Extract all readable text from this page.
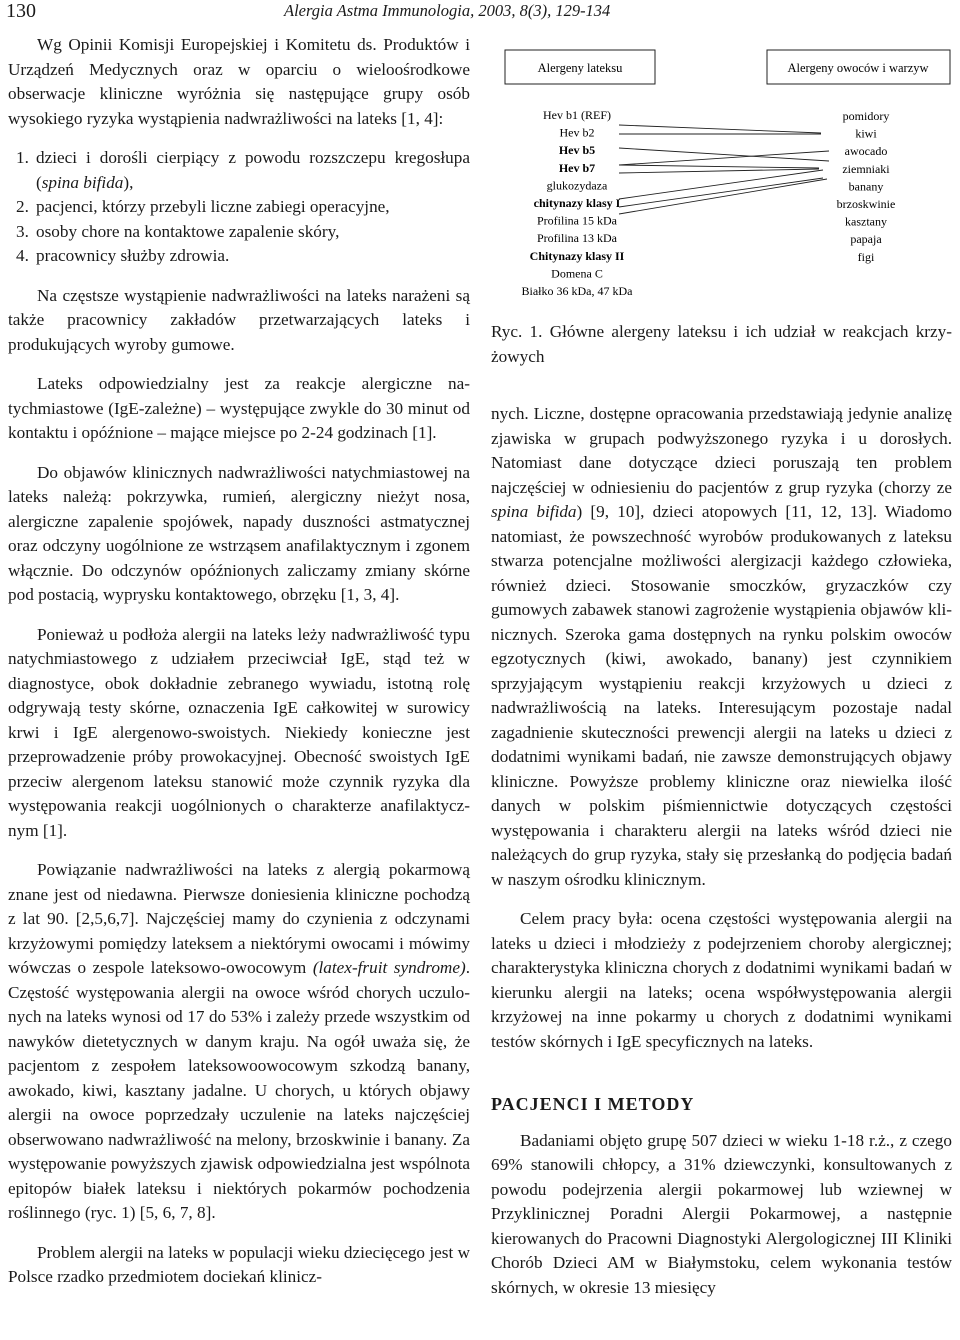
130	Alergia Astma Immunologia, 2003, 8(3), 129-134

Wg Opinii Komisji Europejskiej i Komitetu ds. Produktów i Urządzeń Medycznych oraz w oparciu o wieloośrodkowe obserwacje kliniczne wyróżnia się następujące grupy osób wysokiego ryzyka wystąpienia nadwrażliwości na lateks [1, 4]:

1. dzieci i dorośli cierpiący z powodu rozszczepu kregosłupa (spina bifida),
2. pacjenci, którzy przebyli liczne zabiegi operacyjne,
3. osoby chore na kontaktowe zapalenie skóry,
4. pracownicy służby zdrowia.

Na częstsze wystąpienie nadwrażliwości na lateks narażeni są także pracownicy zakładów przetwarzających lateks i produkujących wyroby gumowe.

Lateks odpowiedzialny jest za reakcje alergiczne natychmiastowe (IgE-zależne) – występujące zwykle do 30 minut od kontaktu i opóźnione – mające miejsce po 2-24 godzinach [1].

Do objawów klinicznych nadwrażliwości natychmiastowej na lateks należą: pokrzywka, rumień, alergiczny nieżyt nosa, alergiczne zapalenie spojówek, napady duszności astmatycznej oraz odczyny uogólnione ze wstrząsem anafilaktycznym i zgonem włącznie. Do odczynów opóźnionych zaliczamy zmiany skórne pod postacią, wyprysku kontaktowego, obrzęku [1, 3, 4].

Ponieważ u podłoża alergii na lateks leży nadwrażliwość typu natychmiastowego z udziałem przeciwciał IgE, stąd też w diagnostyce, obok dokładnie zebranego wywiadu, istotną rolę odgrywają testy skórne, oznaczenia IgE całkowitej w surowicy krwi i IgE alergenowo-swoistych. Niekiedy konieczne jest przeprowadzenie próby prowokacyjnej. Obecność swoistych IgE przeciw alergenom lateksu stanowić może czynnik ryzyka dla występowania reakcji uogólnionych o charakterze anafilaktycznym [1].

Powiązanie nadwrażliwości na lateks z alergią pokarmową znane jest od niedawna. Pierwsze doniesienia kliniczne pochodzą z lat 90. [2,5,6,7]. Najczęściej mamy do czynienia z odczynami krzyżowymi pomiędzy lateksem a niektórymi owocami i mówimy wówczas o zespole lateksowo-owocowym (latex-fruit syndrome). Częstość występowania alergii na owoce wśród chorych uczulonych na lateks wynosi od 17 do 53% i zależy przede wszystkim od nawyków dietetycznych w danym kraju. Na ogół uważa się, że pacjentom z zespołem lateksowoowocowym szkodzą banany, awokado, kiwi, kasztany jadalne. U chorych, u których objawy alergii na owoce poprzedzały uczulenie na lateks najczęściej obserwowano nadwrażliwość na melony, brzoskwinie i banany. Za występowanie powyższych zjawisk odpowiedzialna jest wspólnota epitopów białek lateksu i niektórych pokarmów pochodzenia roślinnego (ryc. 1) [5, 6, 7, 8].

Problem alergii na lateks w populacji wieku dziecięcego jest w Polsce rzadko przedmiotem dociekań klinicz-

Alergeny lateksu	Alergeny owoców i warzyw
Hev b1 (REF)
Hev b2
Hev b5
Hev b7
glukozydaza
chitynazy klasy I
Profilina 15 kDa
Profilina 13 kDa
Chitynazy klasy II
Domena C
Białko 36 kDa, 47 kDa
pomidory
kiwi
awocado
ziemniaki
banany
brzoskwinie
kasztany
papaja
figi
Ryc. 1. Główne alergeny lateksu i ich udział w reakcjach krzyżowych

nych. Liczne, dostępne opracowania przedstawiają jedynie analizę zjawiska w grupach podwyższonego ryzyka i u dorosłych. Natomiast dane dotyczące dzieci poruszają ten problem najczęściej w odniesieniu do pacjentów z grup ryzyka (chorzy ze spina bifida) [9, 10], dzieci atopowych [11, 12, 13]. Wiadomo natomiast, że powszechność wyrobów produkowanych z lateksu stwarza potencjalne możliwości alergizacji każdego człowieka, również dzieci. Stosowanie smoczków, gryzaczków czy gumowych zabawek stanowi zagrożenie wystąpienia objawów klinicznych. Szeroka gama dostępnych na rynku polskim owoców egzotycznych (kiwi, awokado, banany) jest czynnikiem sprzyjającym wystąpieniu reakcji krzyżowych u dzieci z nadwrażliwością na lateks. Interesującym pozostaje nadal zagadnienie skuteczności prewencji alergii na lateks u dzieci z dodatnimi wynikami badań, nie zawsze demonstrujących objawy kliniczne. Powyższe problemy kliniczne oraz niewielka ilość danych w polskim piśmiennictwie dotyczących częstości występowania i charakteru alergii na lateks wśród dzieci nie należących do grup ryzyka, stały się przesłanką do podjęcia badań w naszym ośrodku klinicznym.

Celem pracy była: ocena częstości występowania alergii na lateks u dzieci i młodzieży z podejrzeniem choroby alergicznej; charakterystyka kliniczna chorych z dodatnimi wynikami badań w kierunku alergii na lateks; ocena współwystępowania alergii krzyżowej na inne pokarmy u chorych z dodatnimi wynikami testów skórnych i IgE specyficznych na lateks.

PACJENCI I METODY

Badaniami objęto grupę 507 dzieci w wieku 1-18 r.ż., z czego 69% stanowili chłopcy, a 31% dziewczynki, konsultowanych z powodu podejrzenia alergii pokarmowej lub wziewnej w Przyklinicznej Poradni Alergii Pokarmowej, a następnie kierowanych do Pracowni Diagnostyki Alergologicznej III Kliniki Chorób Dzieci AM w Białymstoku, celem wykonania testów skórnych, w okresie 13 miesięcy
